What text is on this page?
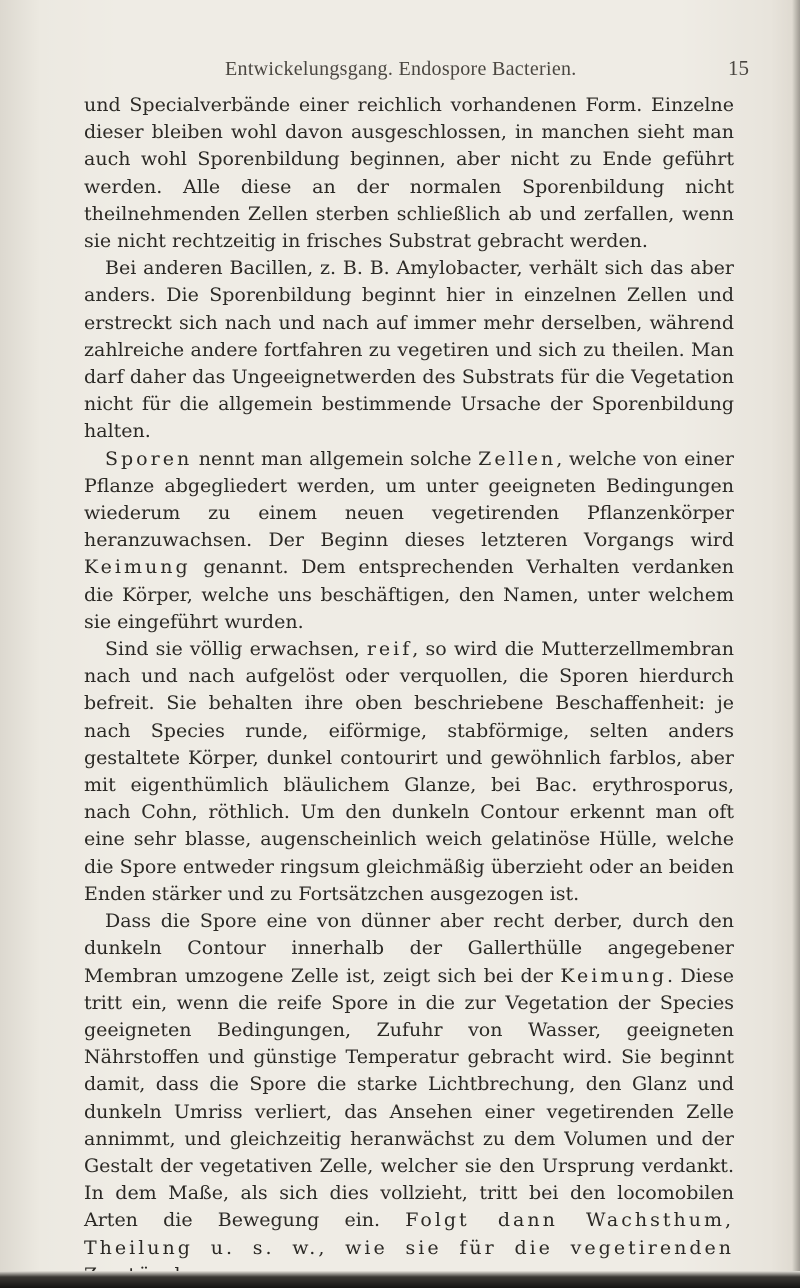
Entwickelungsgang. Endospore Bacterien.	15

und Specialverbände einer reichlich vorhandenen Form. Einzelne dieser bleiben wohl davon ausgeschlossen, in manchen sieht man auch wohl Sporenbildung beginnen, aber nicht zu Ende geführt werden. Alle diese an der normalen Sporenbildung nicht theilnehmenden Zellen sterben schließlich ab und zerfallen, wenn sie nicht rechtzeitig in frisches Substrat gebracht werden.

Bei anderen Bacillen, z. B. B. Amylobacter, verhält sich das aber anders. Die Sporenbildung beginnt hier in einzelnen Zellen und erstreckt sich nach und nach auf immer mehr derselben, während zahlreiche andere fortfahren zu vegetiren und sich zu theilen. Man darf daher das Ungeeignetwerden des Substrats für die Vegetation nicht für die allgemein bestimmende Ursache der Sporenbildung halten.

Sporen nennt man allgemein solche Zellen, welche von einer Pflanze abgegliedert werden, um unter geeigneten Bedingungen wiederum zu einem neuen vegetirenden Pflanzenkörper heranzuwachsen. Der Beginn dieses letzteren Vorgangs wird Keimung genannt. Dem entsprechenden Verhalten verdanken die Körper, welche uns beschäftigen, den Namen, unter welchem sie eingeführt wurden.

Sind sie völlig erwachsen, reif, so wird die Mutterzellmembran nach und nach aufgelöst oder verquollen, die Sporen hierdurch befreit. Sie behalten ihre oben beschriebene Beschaffenheit: je nach Species runde, eiförmige, stabförmige, selten anders gestaltete Körper, dunkel contourirt und gewöhnlich farblos, aber mit eigenthümlich bläulichem Glanze, bei Bac. erythrosporus, nach Cohn, röthlich. Um den dunkeln Contour erkennt man oft eine sehr blasse, augenscheinlich weich gelatinöse Hülle, welche die Spore entweder ringsum gleichmäßig überzieht oder an beiden Enden stärker und zu Fortsätzchen ausgezogen ist.

Dass die Spore eine von dünner aber recht derber, durch den dunkeln Contour innerhalb der Gallerthülle angegebener Membran umzogene Zelle ist, zeigt sich bei der Keimung. Diese tritt ein, wenn die reife Spore in die zur Vegetation der Species geeigneten Bedingungen, Zufuhr von Wasser, geeigneten Nährstoffen und günstige Temperatur gebracht wird. Sie beginnt damit, dass die Spore die starke Lichtbrechung, den Glanz und dunkeln Umriss verliert, das Ansehen einer vegetirenden Zelle annimmt, und gleichzeitig heranwächst zu dem Volumen und der Gestalt der vegetativen Zelle, welcher sie den Ursprung verdankt. In dem Maße, als sich dies vollzieht, tritt bei den locomobilen Arten die Bewegung ein. Folgt dann Wachsthum, Theilung u. s. w., wie sie für die vegetirenden
